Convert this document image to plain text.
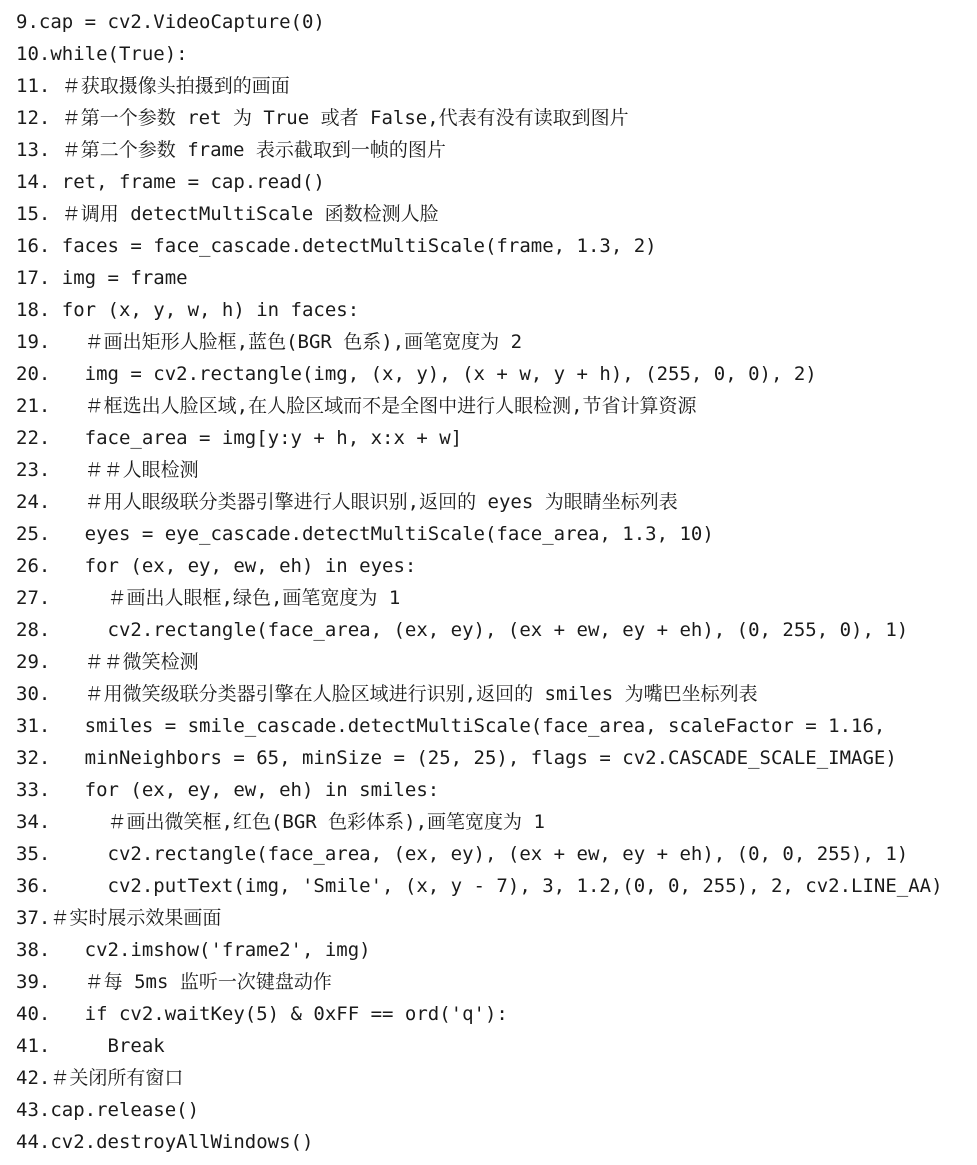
9.cap = cv2.VideoCapture(0)
10.while(True):
11. ＃获取摄像头拍摄到的画面
12. ＃第一个参数 ret 为 True 或者 False,代表有没有读取到图片
13. ＃第二个参数 frame 表示截取到一帧的图片
14. ret, frame = cap.read()
15. ＃调用 detectMultiScale 函数检测人脸
16. faces = face_cascade.detectMultiScale(frame, 1.3, 2)
17. img = frame
18. for (x, y, w, h) in faces:
19.   ＃画出矩形人脸框,蓝色(BGR 色系),画笔宽度为 2
20.   img = cv2.rectangle(img, (x, y), (x + w, y + h), (255, 0, 0), 2)
21.   ＃框选出人脸区域,在人脸区域而不是全图中进行人眼检测,节省计算资源
22.   face_area = img[y:y + h, x:x + w]
23.   ＃＃人眼检测
24.   ＃用人眼级联分类器引擎进行人眼识别,返回的 eyes 为眼睛坐标列表
25.   eyes = eye_cascade.detectMultiScale(face_area, 1.3, 10)
26.   for (ex, ey, ew, eh) in eyes:
27.     ＃画出人眼框,绿色,画笔宽度为 1
28.     cv2.rectangle(face_area, (ex, ey), (ex + ew, ey + eh), (0, 255, 0), 1)
29.   ＃＃微笑检测
30.   ＃用微笑级联分类器引擎在人脸区域进行识别,返回的 smiles 为嘴巴坐标列表
31.   smiles = smile_cascade.detectMultiScale(face_area, scaleFactor = 1.16,
32.   minNeighbors = 65, minSize = (25, 25), flags = cv2.CASCADE_SCALE_IMAGE)
33.   for (ex, ey, ew, eh) in smiles:
34.     ＃画出微笑框,红色(BGR 色彩体系),画笔宽度为 1
35.     cv2.rectangle(face_area, (ex, ey), (ex + ew, ey + eh), (0, 0, 255), 1)
36.     cv2.putText(img, 'Smile', (x, y - 7), 3, 1.2,(0, 0, 255), 2, cv2.LINE_AA)
37.＃实时展示效果画面
38.   cv2.imshow('frame2', img)
39.   ＃每 5ms 监听一次键盘动作
40.   if cv2.waitKey(5) & 0xFF == ord('q'):
41.     Break
42.＃关闭所有窗口
43.cap.release()
44.cv2.destroyAllWindows()
